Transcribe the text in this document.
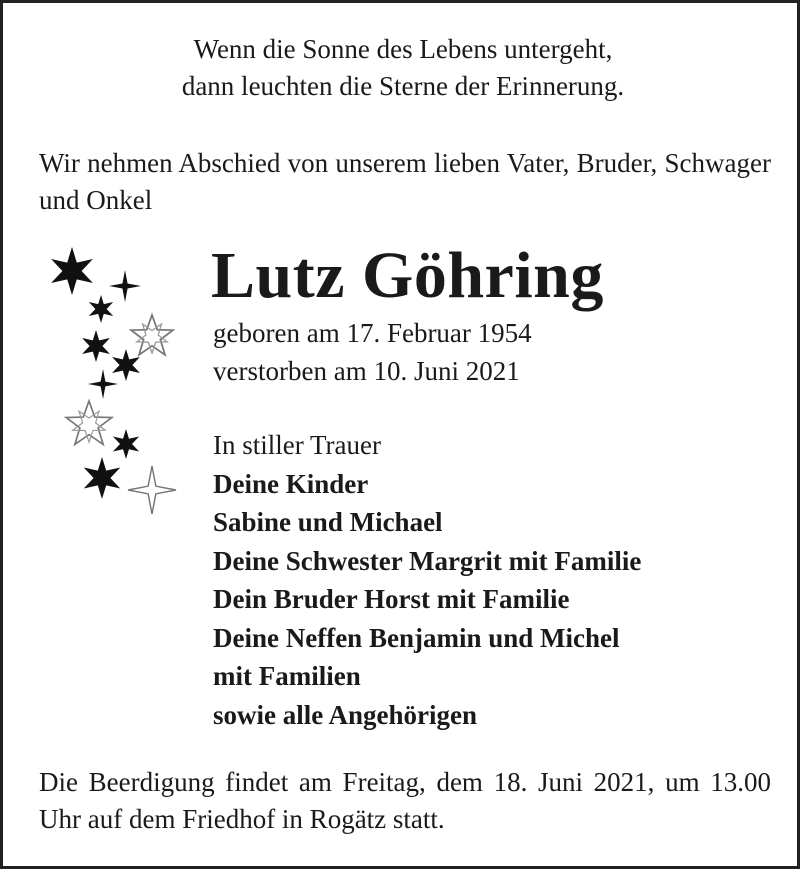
Wenn die Sonne des Lebens untergeht,
dann leuchten die Sterne der Erinnerung.
Wir nehmen Abschied von unserem lieben Vater, Bruder, Schwager und Onkel
Lutz Göhring
geboren am 17. Februar 1954
verstorben am 10. Juni 2021
In stiller Trauer
Deine Kinder
Sabine und Michael
Deine Schwester Margrit mit Familie
Dein Bruder Horst mit Familie
Deine Neffen Benjamin und Michel
mit Familien
sowie alle Angehörigen
Die Beerdigung findet am Freitag, dem 18. Juni 2021, um 13.00 Uhr auf dem Friedhof in Rogätz statt.
